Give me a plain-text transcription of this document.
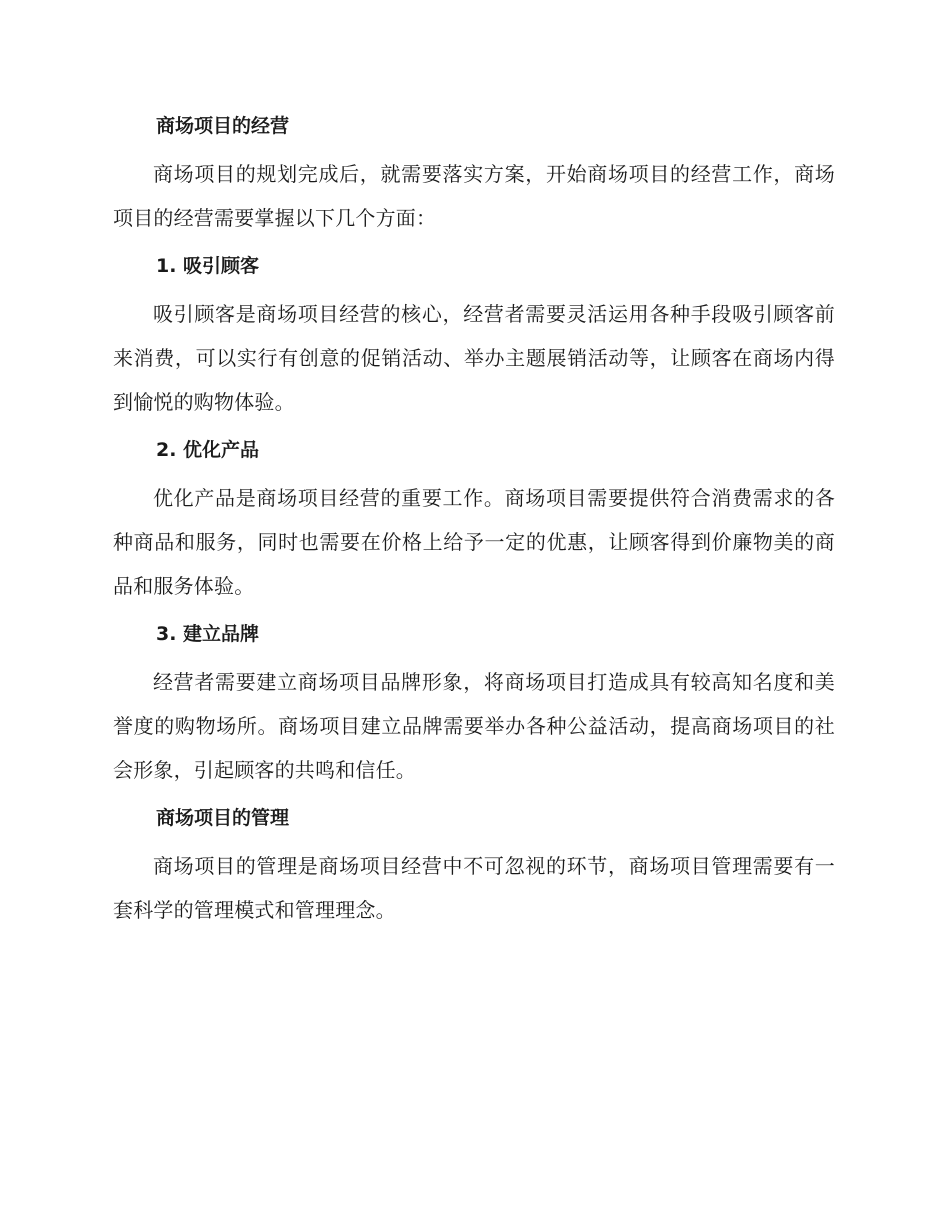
商场项目的经营

商场项目的规划完成后，就需要落实方案，开始商场项目的经营工作，商场项目的经营需要掌握以下几个方面：

1. 吸引顾客

吸引顾客是商场项目经营的核心，经营者需要灵活运用各种手段吸引顾客前来消费，可以实行有创意的促销活动、举办主题展销活动等，让顾客在商场内得到愉悦的购物体验。

2. 优化产品

优化产品是商场项目经营的重要工作。商场项目需要提供符合消费需求的各种商品和服务，同时也需要在价格上给予一定的优惠，让顾客得到价廉物美的商品和服务体验。

3. 建立品牌

经营者需要建立商场项目品牌形象，将商场项目打造成具有较高知名度和美誉度的购物场所。商场项目建立品牌需要举办各种公益活动，提高商场项目的社会形象，引起顾客的共鸣和信任。

商场项目的管理

商场项目的管理是商场项目经营中不可忽视的环节，商场项目管理需要有一套科学的管理模式和管理理念。
